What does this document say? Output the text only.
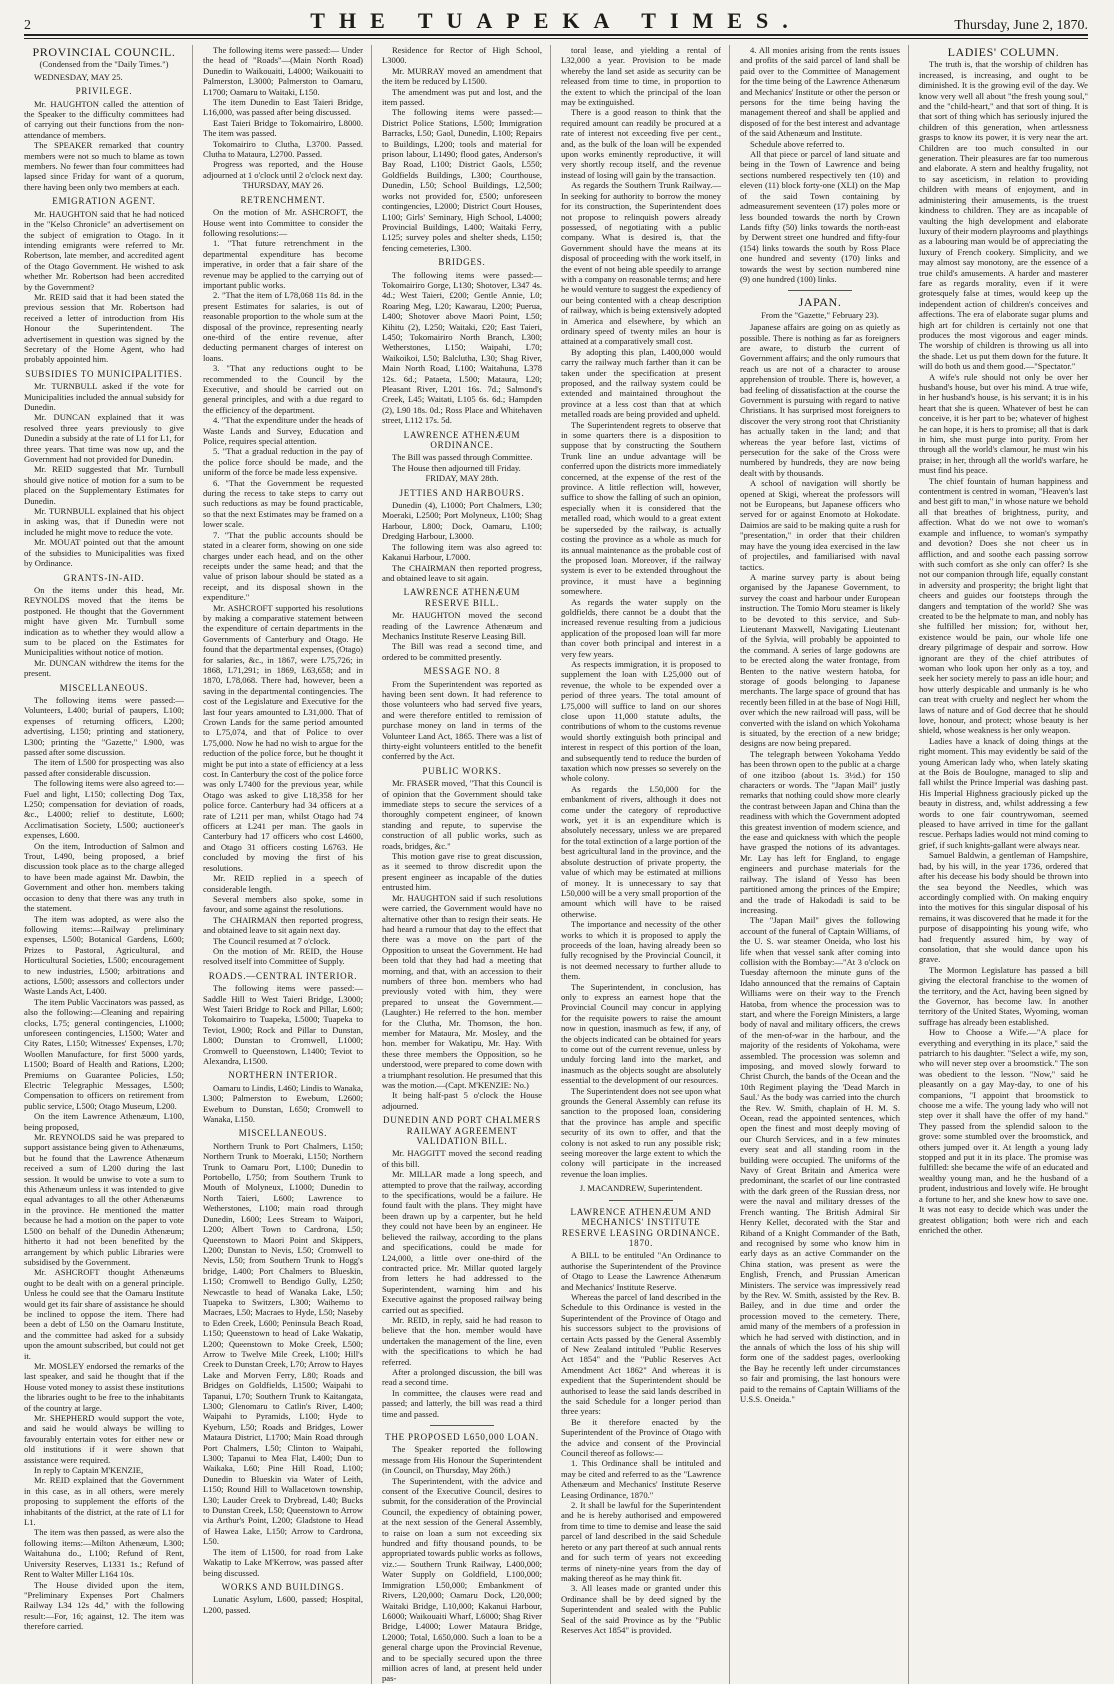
2	THE TUAPEKA TIMES.	Thursday, June 2, 1870.
PROVINCIAL COUNCIL.
(Condensed from the "Daily Times.")
WEDNESDAY, MAY 25.
PRIVILEGE.

Mr. HAUGHTON called the attention of the Speaker to the difficulty committees had of carrying out their functions from the non-attendance of members.

The SPEAKER remarked that country members were not so much to blame as town members. No fewer than four committees had lapsed since Friday for want of a quorum, there having been only two members at each.

EMIGRATION AGENT.

Mr. HAUGHTON said that he had noticed in the "Kelso Chronicle" an advertisement on the subject of emigration to Otago. In it intending emigrants were referred to Mr. Robertson, late member, and accredited agent of the Otago Government. He wished to ask whether Mr. Robertson had been accredited by the Government?

Mr. REID said that it had been stated the previous session that Mr. Robertson had received a letter of introduction from His Honour the Superintendent. The advertisement in question was signed by the Secretary of the Home Agent, who had probably appointed him.

SUBSIDIES TO MUNICIPALITIES.

Mr. TURNBULL asked if the vote for Municipalities included the annual subsidy for Dunedin.

Mr. DUNCAN explained that it was resolved three years previously to give Dunedin a subsidy at the rate of L1 for L1, for three years. That time was now up, and the Government had not provided for Dunedin.

Mr. REID suggested that Mr. Turnbull should give notice of motion for a sum to be placed on the Supplementary Estimates for Dunedin.

Mr. TURNBULL explained that his object in asking was, that if Dunedin were not included he might move to reduce the vote.

Mr. MOUAT pointed out that the amount of the subsidies to Municipalities was fixed by Ordinance.

GRANTS-IN-AID.

On the items under this head, Mr. REYNOLDS moved that the items be postponed. He thought that the Government might have given Mr. Turnbull some indication as to whether they would allow a sum to be placed on the Estimates for Municipalities without notice of motion.

Mr. DUNCAN withdrew the items for the present.

MISCELLANEOUS.

The following items were passed:— Volunteers, L400; burial of paupers, L100; expenses of returning officers, L200; advertising, L150; printing and stationery, L300; printing the "Gazette," L900, was passed after some discussion.

The item of L500 for prospecting was also passed after considerable discussion.

The following items were also agreed to:—Fuel and light, L150; collecting Dog Tax, L250; compensation for deviation of roads, &c., L4000; relief to destitute, L600; Acclimatisation Society, L500; auctioneer's expenses, L600.

On the item, Introduction of Salmon and Trout, L490, being proposed, a brief discussion took place as to the charge alleged to have been made against Mr. Dawbin, the Government and other hon. members taking occasion to deny that there was any truth in the statement.

The item was adopted, as were also the following items:—Railway preliminary expenses, L500; Botanical Gardens, L600; Prizes to Pastoral, Agricultural, and Horticultural Societies, L500; encouragement to new industries, L500; arbitrations and actions, L500; assessors and collectors under Waste Lands Act, L400.

The item Public Vaccinators was passed, as also the following:—Cleaning and repairing clocks, L75; general contingencies, L1000; unforeseen contingencies, L1500; Water and City Rates, L150; Witnesses' Expenses, L70; Woollen Manufacture, for first 5000 yards, L1500; Board of Health and Rations, L200; Premiums on Guarantee Policies, L50; Electric Telegraphic Messages, L500; Compensation to officers on retirement from public service, L500; Otago Museum, L200.

On the item Lawrence Athenæum, L100, being proposed,

Mr. REYNOLDS said he was prepared to support assistance being given to Athenæums, but he found that the Lawrence Athenæum received a sum of L200 during the last session. It would be unwise to vote a sum to this Athenæum unless it was intended to give equal advantages to all the other Athenæums in the province. He mentioned the matter because he had a motion on the paper to vote L500 on behalf of the Dunedin Athenæum; hitherto it had not been benefited by the arrangement by which public Libraries were subsidised by the Government.

Mr. ASHCROFT thought Athenæums ought to be dealt with on a general principle. Unless he could see that the Oamaru Institute would get its fair share of assistance he should be inclined to oppose the item. There had been a debt of L50 on the Oamaru Institute, and the committee had asked for a subsidy upon the amount subscribed, but could not get it.

Mr. MOSLEY endorsed the remarks of the last speaker, and said he thought that if the House voted money to assist these institutions the libraries ought to be free to the inhabitants of the country at large.

Mr. SHEPHERD would support the vote, and said he would always be willing to favourably entertain votes for either new or old institutions if it were shown that assistance were required.

In reply to Captain M'KENZIE,

Mr. REID explained that the Government in this case, as in all others, were merely proposing to supplement the efforts of the inhabitants of the district, at the rate of L1 for L1.

The item was then passed, as were also the following items:—Milton Athenæum, L300; Waitahuna do., L100; Refund of Rent, University Reserves, L1331 1s.; Refund of Rent to Walter Miller L164 10s.

The House divided upon the item, "Preliminary Expenses Port Chalmers Railway L34 12s 4d," with the following result:—For, 16; against, 12. The item was therefore carried.

The following items were passed:— Under the head of "Roads"—(Main North Road) Dunedin to Waikouaiti, L4000; Waikouaiti to Palmerston, L3000; Palmerston to Oamaru, L1700; Oamaru to Waitaki, L150.

The item Dunedin to East Taieri Bridge, L16,000, was passed after being discussed.

East Taieri Bridge to Tokomairiro, L8000. The item was passed.

Tokomairiro to Clutha, L3700. Passed. Clutha to Mataura, L2700. Passed.

Progress was reported, and the House adjourned at 1 o'clock until 2 o'clock next day.

THURSDAY, MAY 26.
RETRENCHMENT.

On the motion of Mr. ASHCROFT, the House went into Committee to consider the following resolutions:—

1. "That future retrenchment in the departmental expenditure has become imperative, in order that a fair share of the revenue may be applied to the carrying out of important public works.

2. "That the item of L78,068 11s 8d. in the present Estimates for salaries, is out of reasonable proportion to the whole sum at the disposal of the province, representing nearly one-third of the entire revenue, after deducting permanent charges of interest on loans.

3. "That any reductions ought to be recommended to the Council by the Executive, and should be carried out on general principles, and with a due regard to the efficiency of the department.

4. "That the expenditure under the heads of Waste Lands and Survey, Education and Police, requires special attention.

5. "That a gradual reduction in the pay of the police force should be made, and the uniform of the force be made less expensive.

6. "That the Government be requested during the recess to take steps to carry out such reductions as may be found practicable, so that the next Estimates may be framed on a lower scale.

7. "That the public accounts should be stated in a clearer form, showing on one side charges under each head, and on the other receipts under the same head; and that the value of prison labour should be stated as a receipt, and its disposal shown in the expenditure."

Mr. ASHCROFT supported his resolutions by making a comparative statement between the expenditure of certain departments in the Governments of Canterbury and Otago. He found that the departmental expenses, (Otago) for salaries, &c., in 1867, were L75,726; in 1868, L71,291; in 1869, L63,658; and in 1870, L78,068. There had, however, been a saving in the departmental contingencies. The cost of the Legislature and Executive for the last four years amounted to L31,000. That of Crown Lands for the same period amounted to L75,074, and that of Police to over L75,000. Now he had no wish to argue for the reduction of the police force, but he thought it might be put into a state of efficiency at a less cost. In Canterbury the cost of the police force was only L7400 for the previous year, while Otago was asked to give L18,358 for her police force. Canterbury had 34 officers at a rate of L211 per man, whilst Otago had 74 officers at L241 per man. The gaols in Canterbury had 17 officers who cost L4600, and Otago 31 officers costing L6763. He concluded by moving the first of his resolutions.

Mr. REID replied in a speech of considerable length.

Several members also spoke, some in favour, and some against the resolutions.

The CHAIRMAN then reported progress, and obtained leave to sit again next day.

The Council resumed at 7 o'clock.

On the motion of Mr. REID, the House resolved itself into Committee of Supply.

ROADS.—CENTRAL INTERIOR.

The following items were passed:— Saddle Hill to West Taieri Bridge, L3000; West Taieri Bridge to Rock and Pillar, L600; Tokomairiro to Tuapeka, L5000; Tuapeka to Teviot, L900; Rock and Pillar to Dunstan, L800; Dunstan to Cromwell, L1000; Cromwell to Queenstown, L1400; Teviot to Alexandra, L1500.

NORTHERN INTERIOR.

Oamaru to Lindis, L460; Lindis to Wanaka, L300; Palmerston to Ewebum, L2600; Ewebum to Dunstan, L650; Cromwell to Wanaka, L150.

MISCELLANEOUS.

Northern Trunk to Port Chalmers, L150; Northern Trunk to Moeraki, L150; Northern Trunk to Oamaru Port, L100; Dunedin to Portobello, L750; from Southern Trunk to Mouth of Molyneux, L1000; Dunedin to North Taieri, L600; Lawrence to Wetherstones, L100; main road through Dunedin, L600; Lees Stream to Waipori, L200; Albert Town to Cardrona, L50; Queenstown to Maori Point and Skippers, L200; Dunstan to Nevis, L50; Cromwell to Nevis, L50; from Southern Trunk to Hogg's bridge, L400; Port Chalmers to Blueskin, L150; Cromwell to Bendigo Gully, L250; Newcastle to head of Wanaka Lake, L50; Tuapeka to Switzers, L300; Waihemo to Macraes, L50; Macraes to Hyde, L50; Naseby to Eden Creek, L600; Peninsula Beach Road, L150; Queenstown to head of Lake Wakatip, L200; Queenstown to Moke Creek, L500; Arrow to Twelve Mile Creek, L100; Hill's Creek to Dunstan Creek, L70; Arrow to Hayes Lake and Morven Ferry, L80; Roads and Bridges on Goldfields, L1500; Waipahi to Tapanui, L70; Southern Trunk to Kaitangata, L300; Glenomaru to Catlin's River, L400; Waipahi to Pyramids, L100; Hyde to Kyeburn, L50; Roads and Bridges, Lower Mataura District, L1700; Main Road through Port Chalmers, L50; Clinton to Waipahi, L300; Tapanui to Mea Flat, L400; Dun to Waikaka, L60; Pine Hill Road, L100; Dunedin to Blueskin via Water of Leith, L150; Round Hill to Wallacetown township, L30; Lauder Creek to Drybread, L40; Bucks to Dunstan Creek, L50; Queenstown to Arrow via Arthur's Point, L200; Gladstone to Head of Hawea Lake, L150; Arrow to Cardrona, L50.

The item of L1500, for road from Lake Wakatip to Lake M'Kerrow, was passed after being discussed.

WORKS AND BUILDINGS.

Lunatic Asylum, L600, passed; Hospital, L200, passed.

Residence for Rector of High School, L3000.

Mr. MURRAY moved an amendment that the item be reduced by L1500.

The amendment was put and lost, and the item passed.

The following items were passed:— District Police Stations, L500; Immigration Barracks, L50; Gaol, Dunedin, L100; Repairs to Buildings, L200; tools and material for prison labour, L1490; flood gates, Anderson's Bay Road, L100; District Gaols, L550; Goldfields Buildings, L300; Courthouse, Dunedin, L50; School Buildings, L2,500; works not provided for, £500; unforeseen contingencies, L2000; District Court Houses, L100; Girls' Seminary, High School, L4000; Provincial Buildings, L400; Waitaki Ferry, L125; survey poles and shelter sheds, L150; fencing cemeteries, L300.

BRIDGES.

The following items were passed:— Tokomairiro Gorge, L130; Shotover, L347 4s. 4d.; West Taieri, £200; Gentle Annie, L0; Roaring Meg, L20; Kawarau, L200; Puerua, L400; Shotover above Maori Point, L50; Kihitu (2), L250; Waitaki, £20; East Taieri, L450; Tokomairiro North Branch, L300; Wetherstones, L150; Waipahi, L70; Waikoikoi, L50; Balclutha, L30; Shag River, Main North Road, L100; Waitahuna, L378 12s. 6d.; Pataeta, L500; Mataura, L20; Pleasant River, L201 16s. 7d.; Salmond's Creek, L45; Waitati, L105 6s. 6d.; Hampden (2), L90 18s. 0d.; Ross Place and Whitehaven street, L112 17s. 5d.

LAWRENCE ATHENÆUM ORDINANCE.

The Bill was passed through Committee.

The House then adjourned till Friday.

FRIDAY, MAY 28th.
JETTIES AND HARBOURS.

Dunedin (4), L1000; Port Chalmers, L30; Moeraki, L2500; Port Molyneux, L100; Shag Harbour, L800; Dock, Oamaru, L100; Dredging Harbour, L3000.

The following item was also agreed to: Kakanui Harbour, L7000.

The CHAIRMAN then reported progress, and obtained leave to sit again.

LAWRENCE ATHENÆUM RESERVE BILL.

Mr. HAUGHTON moved the second reading of the Lawrence Athenæum and Mechanics Institute Reserve Leasing Bill.

The Bill was read a second time, and ordered to be committed presently.

MESSAGE NO. 8

From the Superintendent was reported as having been sent down. It had reference to those volunteers who had served five years, and were therefore entitled to remission of purchase money on land in terms of the Volunteer Land Act, 1865. There was a list of thirty-eight volunteers entitled to the benefit conferred by the Act.

PUBLIC WORKS.

Mr. FRASER moved, "That this Council is of opinion that the Government should take immediate steps to secure the services of a thoroughly competent engineer, of known standing and repute, to supervise the construction of all public works, such as roads, bridges, &c."

This motion gave rise to great discussion, as it seemed to throw discredit upon the present engineer as incapable of the duties entrusted him.

Mr. HAUGHTON said if such resolutions were carried, the Government would have no alternative other than to resign their seats. He had heard a rumour that day to the effect that there was a move on the part of the Opposition to unseat the Government. He had been told that they had had a meeting that morning, and that, with an accession to their numbers of three hon. members who had previously voted with him, they were prepared to unseat the Government.—(Laughter.) He referred to the hon. member for the Clutha, Mr. Thomson, the hon. member for Mataura, Mr. Mosley, and the hon. member for Wakatipu, Mr. Hay. With these three members the Opposition, so he understood, were prepared to come down with a triumphant resolution. He presumed that this was the motion.—(Capt. M'KENZIE: No.)

It being half-past 5 o'clock the House adjourned.

DUNEDIN AND PORT CHALMERS RAILWAY AGREEMENT VALIDATION BILL.

Mr. HAGGITT moved the second reading of this bill.

Mr. MILLAR made a long speech, and attempted to prove that the railway, according to the specifications, would be a failure. He found fault with the plans. They might have been drawn up by a carpenter, but he held they could not have been by an engineer. He believed the railway, according to the plans and specifications, could be made for L24,000, a little over one-third of the contracted price. Mr. Millar quoted largely from letters he had addressed to the Superintendent, warning him and his Executive against the proposed railway being carried out as specified.

Mr. REID, in reply, said he had reason to believe that the hon. member would have undertaken the management of the line, even with the specifications to which he had referred.

After a prolonged discussion, the bill was read a second time.

In committee, the clauses were read and passed; and latterly, the bill was read a third time and passed.

THE PROPOSED L650,000 LOAN.

The Speaker reported the following message from His Honour the Superintendent (in Council, on Thursday, May 26th.)

The Superintendent, with the advice and consent of the Executive Council, desires to submit, for the consideration of the Provincial Council, the expediency of obtaining power, at the next session of the General Assembly, to raise on loan a sum not exceeding six hundred and fifty thousand pounds, to be appropriated towards public works as follows, viz.:— Southern Trunk Railway, L400,000; Water Supply on Goldfield, L100,000; Immigration L50,000; Embankment of Rivers, L20,000; Oamaru Dock, L20,000; Waitaki Bridge, L10,000; Kakanui Harbour, L6000; Waikouaiti Wharf, L6000; Shag River Bridge, L4000; Lower Mataura Bridge, L2000; Total, L650,000. Such a loan to be a general charge upon the Provincial Revenue, and to be specially secured upon the three million acres of land, at present held under pas-

toral lease, and yielding a rental of L32,000 a year. Provision to be made whereby the land set aside as security can be released from time to time, in proportion to the extent to which the principal of the loan may be extinguished.

There is a good reason to think that the required amount can readily be procured at a rate of interest not exceeding five per cent., and, as the bulk of the loan will be expended upon works eminently reproductive, it will very shortly recoup itself, and the revenue instead of losing will gain by the transaction.

As regards the Southern Trunk Railway.—In seeking for authority to borrow the money for its construction, the Superintendent does not propose to relinquish powers already possessed, of negotiating with a public company. What is desired is, that the Government should have the means at its disposal of proceeding with the work itself, in the event of not being able speedily to arrange with a company on reasonable terms; and here he would venture to suggest the expediency of our being contented with a cheap description of railway, which is being extensively adopted in America and elsewhere, by which an ordinary speed of twenty miles an hour is attained at a comparatively small cost.

By adopting this plan, L400,000 would carry the railway much farther than it can be taken under the specification at present proposed, and the railway system could be extended and maintained throughout the province at a less cost than that at which metalled roads are being provided and upheld.

The Superintendent regrets to observe that in some quarters there is a disposition to suppose that by constructing the Southern Trunk line an undue advantage will be conferred upon the districts more immediately concerned, at the expense of the rest of the province. A little reflection will, however, suffice to show the falling of such an opinion, especially when it is considered that the metalled road, which would to a great extent be superseded by the railway, is actually costing the province as a whole as much for its annual maintenance as the probable cost of the proposed loan. Moreover, if the railway system is ever to be extended throughout the province, it must have a beginning somewhere.

As regards the water supply on the goldfields, there cannot be a doubt that the increased revenue resulting from a judicious application of the proposed loan will far more than cover both principal and interest in a very few years.

As respects immigration, it is proposed to supplement the loan with L25,000 out of revenue, the whole to be expended over a period of three years. The total amount of L75,000 will suffice to land on our shores close upon 11,000 statute adults, the contributions of whom to the customs revenue would shortly extinguish both principal and interest in respect of this portion of the loan, and subsequently tend to reduce the burden of taxation which now presses so severely on the whole colony.

As regards the L50,000 for the embankment of rivers, although it does not come under the category of reproductive work, yet it is an expenditure which is absolutely necessary, unless we are prepared for the total extinction of a large portion of the best agricultural land in the province, and the absolute destruction of private property, the value of which may be estimated at millions of money. It is unnecessary to say that L50,000 will be a very small proportion of the amount which will have to be raised otherwise.

The importance and necessity of the other works to which it is proposed to apply the proceeds of the loan, having already been so fully recognised by the Provincial Council, it is not deemed necessary to further allude to them.

The Superintendent, in conclusion, has only to express an earnest hope that the Provincial Council may concur in applying for the requisite powers to raise the amount now in question, inasmuch as few, if any, of the objects indicated can be obtained for years to come out of the current revenue, unless by unduly forcing land into the market, and inasmuch as the objects sought are absolutely essential to the development of our resources.

The Superintendent does not see upon what grounds the General Assembly can refuse its sanction to the proposed loan, considering that the province has ample and specific security of its own to offer, and that the colony is not asked to run any possible risk; seeing moreover the large extent to which the colony will participate in the increased revenue the loan implies.

J. MACANDREW, Superintendent.

LAWRENCE ATHENÆUM AND MECHANICS' INSTITUTE RESERVE LEASING ORDINANCE. 1870.

A BILL to be entituled "An Ordinance to authorise the Superintendent of the Province of Otago to Lease the Lawrence Athenæum and Mechanics' Institute Reserve.

Whereas the parcel of land described in the Schedule to this Ordinance is vested in the Superintendent of the Province of Otago and his successors subject to the provisions of certain Acts passed by the General Assembly of New Zealand intituled "Public Reserves Act 1854" and the "Public Reserves Act Amendment Act 1862" And whereas it is expedient that the Superintendent should be authorised to lease the said lands described in the said Schedule for a longer period than three years:

Be it therefore enacted by the Superintendent of the Province of Otago with the advice and consent of the Provincial Council thereof as follows:—

1. This Ordinance shall be intituled and may be cited and referred to as the "Lawrence Athenæum and Mechanics' Institute Reserve Leasing Ordinance, 1870."

2. It shall be lawful for the Superintendent and he is hereby authorised and empowered from time to time to demise and lease the said parcel of land described in the said Schedule hereto or any part thereof at such annual rents and for such term of years not exceeding terms of ninety-nine years from the day of making thereof as he may think fit.

3. All leases made or granted under this Ordinance shall be by deed signed by the Superintendent and sealed with the Public Seal of the said Province as by the "Public Reserves Act 1854" is provided.

4. All monies arising from the rents issues and profits of the said parcel of land shall be paid over to the Committee of Management for the time being of the Lawrence Athenæum and Mechanics' Institute or other the person or persons for the time being having the management thereof and shall be applied and disposed of for the best interest and advantage of the said Athenæum and Institute.

Schedule above referred to.

All that piece or parcel of land situate and being in the Town of Lawrence and being sections numbered respectively ten (10) and eleven (11) block forty-one (XLI) on the Map of the said Town containing by admeasurement seventeen (17) poles more or less bounded towards the north by Crown Lands fifty (50) links towards the north-east by Derwent street one hundred and fifty-four (154) links towards the south by Ross Place one hundred and seventy (170) links and towards the west by section numbered nine (9) one hundred (100) links.

JAPAN.
From the "Gazette," February 23).

Japanese affairs are going on as quietly as possible. There is nothing as far as foreigners are aware, to disturb the current of Government affairs; and the only rumours that reach us are not of a character to arouse apprehension of trouble. There is, however, a bad feeling of dissatisfaction at the course the Government is pursuing with regard to native Christians. It has surprised most foreigners to discover the very strong root that Christianity has actually taken in the land; and that whereas the year before last, victims of persecution for the sake of the Cross were numbered by hundreds, they are now being dealt with by thousands.

A school of navigation will shortly be opened at Skigi, whereat the professors will not be Europeans, but Japanese officers who served for or against Enomoto at Hokodate. Daimios are said to be making quite a rush for "presentation," in order that their children may have the young idea exercised in the law of projectiles, and familiarised with naval tactics.

A marine survey party is about being organised by the Japanese Government, to survey the coast and harbour under European instruction. The Tomio Moru steamer is likely to be devoted to this service, and Sub-Lieutenant Maxwell, Navigating Lieutenant of the Sylvia, will probably be appointed to the command. A series of large godowns are to be erected along the water frontage, from Benten to the native western hatoba, for storage of goods belonging to Japanese merchants. The large space of ground that has recently been filled in at the base of Nogi Hill, over which the new railroad will pass, will be converted with the island on which Yokohama is situated, by the erection of a new bridge; designs are now being prepared.

The telegraph between Yokohama Yeddo has been thrown open to the public at a charge of one itziboo (about 1s. 3½d.) for 150 characters or words. The "Japan Mail" justly remarks that nothing could show more clearly the contrast between Japan and China than the readiness with which the Government adopted this greatest invention of modern science, and the ease and quickness with which the people have grasped the notions of its advantages. Mr. Lay has left for England, to engage engineers and purchase materials for the railway. The island of Yesso has been partitioned among the princes of the Empire; and the trade of Hakodadi is said to be increasing.

The "Japan Mail" gives the following account of the funeral of Captain Williams, of the U. S. war steamer Oneida, who lost his life when that vessel sank after coming into collision with the Bombay:—"At 3 o'clock on Tuesday afternoon the minute guns of the Idaho announced that the remains of Captain Williams were on their way to the French Hatoba, from whence the procession was to start, and where the Foreign Ministers, a large body of naval and military officers, the crews of the men-of-war in the harbour, and the majority of the residents of Yokohama, were assembled. The procession was solemn and imposing, and moved slowly forward to Christ Church, the bands of the Ocean and the 10th Regiment playing the 'Dead March in Saul.' As the body was carried into the church the Rev. W. Smith, chaplain of H. M. S. Ocean, read the appointed sentences, which open the finest and most deeply moving of our Church Services, and in a few minutes every seat and all standing room in the building were occupied. The uniforms of the Navy of Great Britain and America were predominant, the scarlet of our line contrasted with the dark green of the Russian dress, nor were the naval and military dresses of the French wanting. The British Admiral Sir Henry Kellet, decorated with the Star and Riband of a Knight Commander of the Bath, and recognised by some who know him in early days as an active Commander on the China station, was present as were the English, French, and Prussian American Ministers. The service was impressively read by the Rev. W. Smith, assisted by the Rev. B. Bailey, and in due time and order the procession moved to the cemetery. There, amid many of the members of a profession in which he had served with distinction, and in the annals of which the loss of his ship will form one of the saddest pages, overlooking the Bay he recently left under circumstances so fair and promising, the last honours were paid to the remains of Captain Williams of the U.S.S. Oneida."

LADIES' COLUMN.

The truth is, that the worship of children has increased, is increasing, and ought to be diminished. It is the growing evil of the day. We know very well all about "the fresh young soul," and the "child-heart," and that sort of thing. It is that sort of thing which has seriously injured the children of this generation, when artlessness grasps to know its power, it is very near the art. Children are too much consulted in our generation. Their pleasures are far too numerous and elaborate. A stern and healthy frugality, not to say asceticism, in relation to providing children with means of enjoyment, and in administering their amusements, is the truest kindness to children. They are as incapable of vaulting the high development and elaborate luxury of their modern playrooms and playthings as a labouring man would be of appreciating the luxury of French cookery. Simplicity, and we may almost say monotony, are the essence of a true child's amusements. A harder and masterer fare as regards morality, even if it were grotesquely false at times, would keep up the independent action of children's conceives and affections. The era of elaborate sugar plums and high art for children is certainly not one that produces the most vigorous and eager minds. The worship of children is throwing us all into the shade. Let us put them down for the future. It will do both us and them good.—"Spectator."

A wife's rule should not only be over her husband's house, but over his mind. A true wife, in her husband's house, is his servant; it is in his heart that she is queen. Whatever of best he can conceive, it is her part to be; whatever of highest he can hope, it is hers to promise; all that is dark in him, she must purge into purity. From her through all the world's clamour, he must win his praise; in her, through all the world's warfare, he must find his peace.

The chief fountain of human happiness and contentment is centred in woman, "Heaven's last and best gift to man," in whose nature we behold all that breathes of brightness, purity, and affection. What do we not owe to woman's example and influence, to woman's sympathy and devotion? Does she not cheer us in affliction, and and soothe each passing sorrow with such comfort as she only can offer? Is she not our companion through life, equally constant in adversity and prosperity; the bright light that cheers and guides our footsteps through the dangers and temptation of the world? She was created to be the helpmate to man, and nobly has she fulfilled her mission; for, without her, existence would be pain, our whole life one dreary pilgrimage of despair and sorrow. How ignorant are they of the chief attributes of woman who look upon her only as a toy, and seek her society merely to pass an idle hour; and how utterly despicable and unmanly is he who can treat with cruelty and neglect her whom the laws of nature and of God decree that he should love, honour, and protect; whose beauty is her shield, whose weakness is her only weapon.

Ladies have a knack of doing things at the right moment. This may evidently be said of the young American lady who, when lately skating at the Bois de Boulogne, managed to slip and fall whilst the Prince Imperial was dashing past. His Imperial Highness graciously picked up the beauty in distress, and, whilst addressing a few words to one fair countrywoman, seemed pleased to have arrived in time for the gallant rescue. Perhaps ladies would not mind coming to grief, if such knights-gallant were always near.

Samuel Baldwin, a gentleman of Hampshire, had, by his will, in the year 1736, ordered that after his decease his body should be thrown into the sea beyond the Needles, which was accordingly complied with. On making enquiry into the motives for this singular disposal of his remains, it was discovered that he made it for the purpose of disappointing his young wife, who had frequently assured him, by way of consolation, that she would dance upon his grave.

The Mormon Legislature has passed a bill giving the electoral franchise to the women of the territory, and the Act, having been signed by the Governor, has become law. In another territory of the United States, Wyoming, woman suffrage has already been established.

How to Choose a Wife.—"A place for everything and everything in its place," said the patriarch to his daughter. "Select a wife, my son, who will never step over a broomstick." The son was obedient to the lesson. "Now," said he pleasantly on a gay May-day, to one of his companions, "I appoint that broomstick to choose me a wife. The young lady who will not step over it shall have the offer of my hand." They passed from the splendid saloon to the grove: some stumbled over the broomstick, and others jumped over it. At length a young lady stopped and put it in its place. The promise was fulfilled: she became the wife of an educated and wealthy young man, and he the husband of a prudent, industrious and lovely wife. He brought a fortune to her, and she knew how to save one. It was not easy to decide which was under the greatest obligation; both were rich and each enriched the other.
